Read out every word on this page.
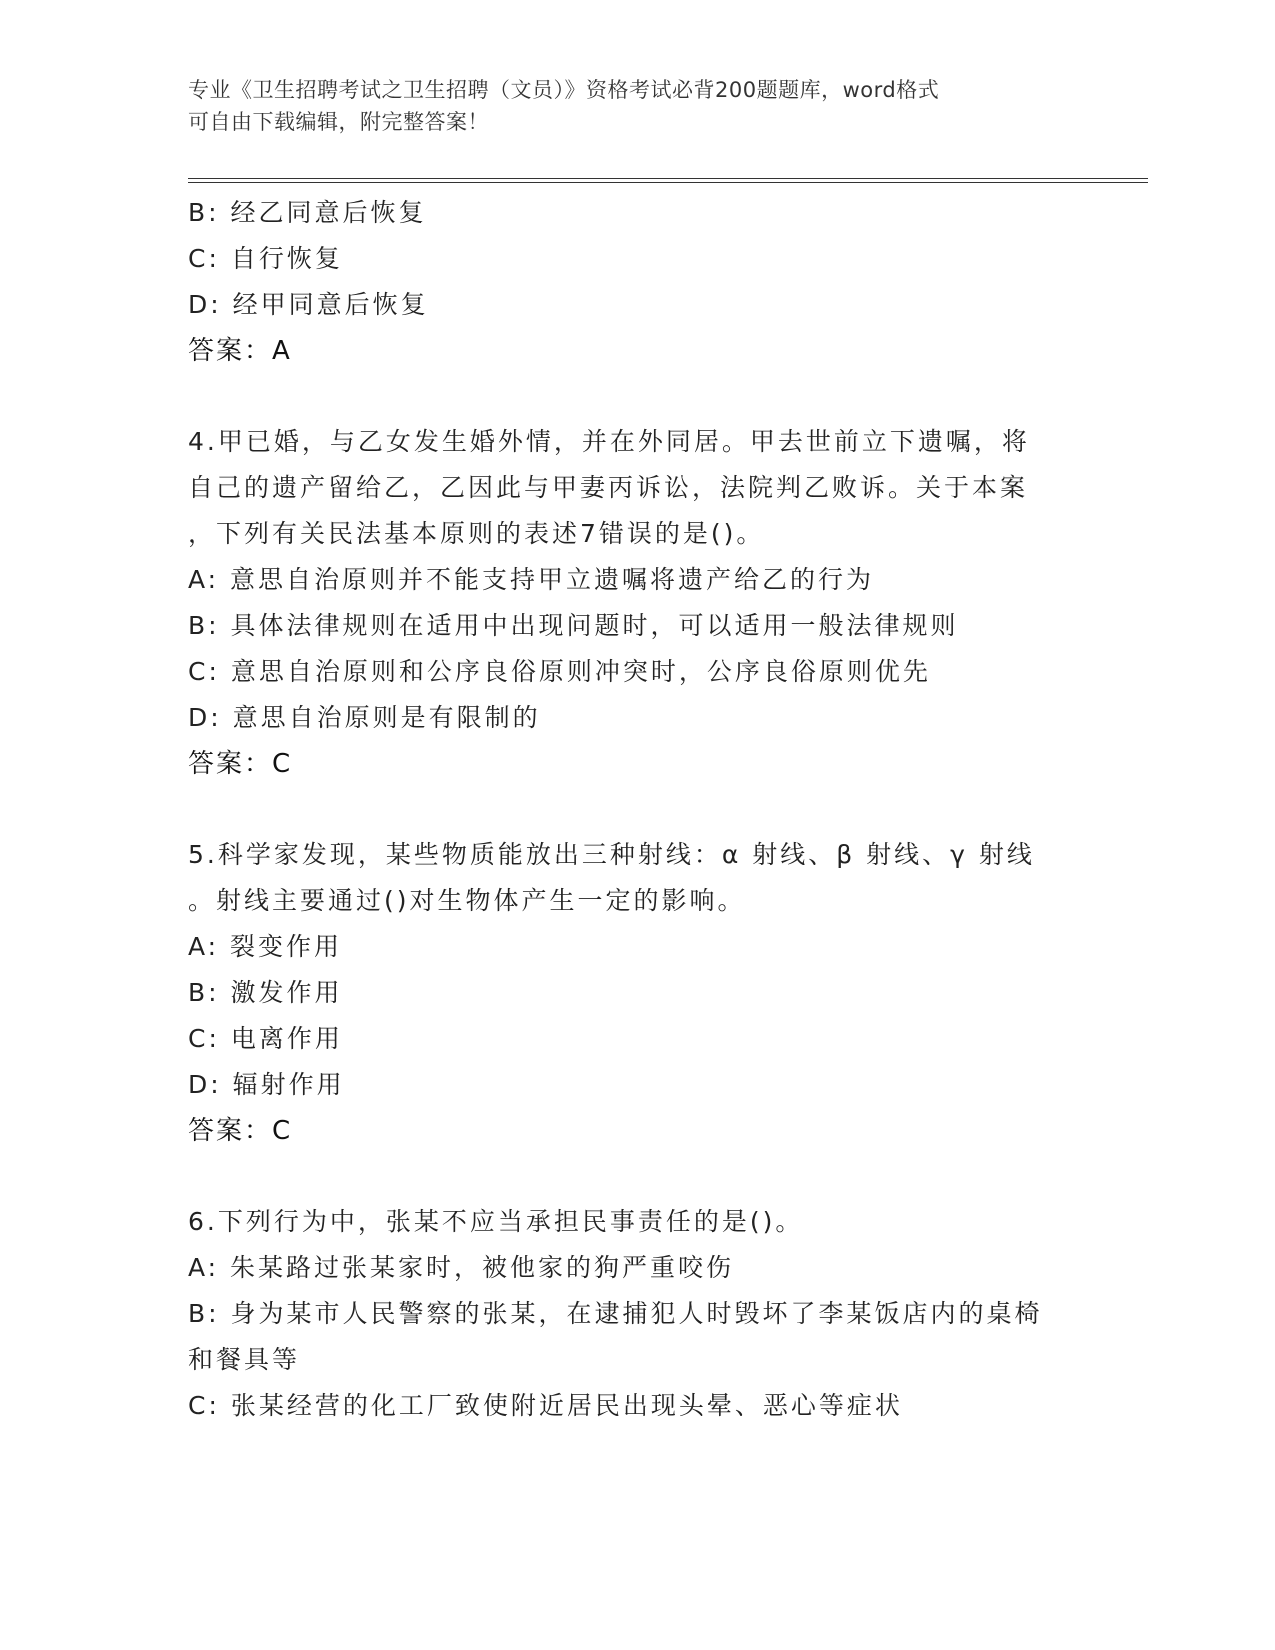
专业《卫生招聘考试之卫生招聘（文员）》资格考试必背200题题库，word格式
可自由下载编辑，附完整答案！
B: 经乙同意后恢复
C: 自行恢复
D: 经甲同意后恢复
答案：A
4.甲已婚，与乙女发生婚外情，并在外同居。甲去世前立下遗嘱，将
自己的遗产留给乙，乙因此与甲妻丙诉讼，法院判乙败诉。关于本案
，下列有关民法基本原则的表述7错误的是()。
A: 意思自治原则并不能支持甲立遗嘱将遗产给乙的行为
B: 具体法律规则在适用中出现问题时，可以适用一般法律规则
C: 意思自治原则和公序良俗原则冲突时，公序良俗原则优先
D: 意思自治原则是有限制的
答案：C
5.科学家发现，某些物质能放出三种射线：α 射线、β 射线、γ 射线
。射线主要通过()对生物体产生一定的影响。
A: 裂变作用
B: 激发作用
C: 电离作用
D: 辐射作用
答案：C
6.下列行为中，张某不应当承担民事责任的是()。
A: 朱某路过张某家时，被他家的狗严重咬伤
B: 身为某市人民警察的张某，在逮捕犯人时毁坏了李某饭店内的桌椅
和餐具等
C: 张某经营的化工厂致使附近居民出现头晕、恶心等症状
